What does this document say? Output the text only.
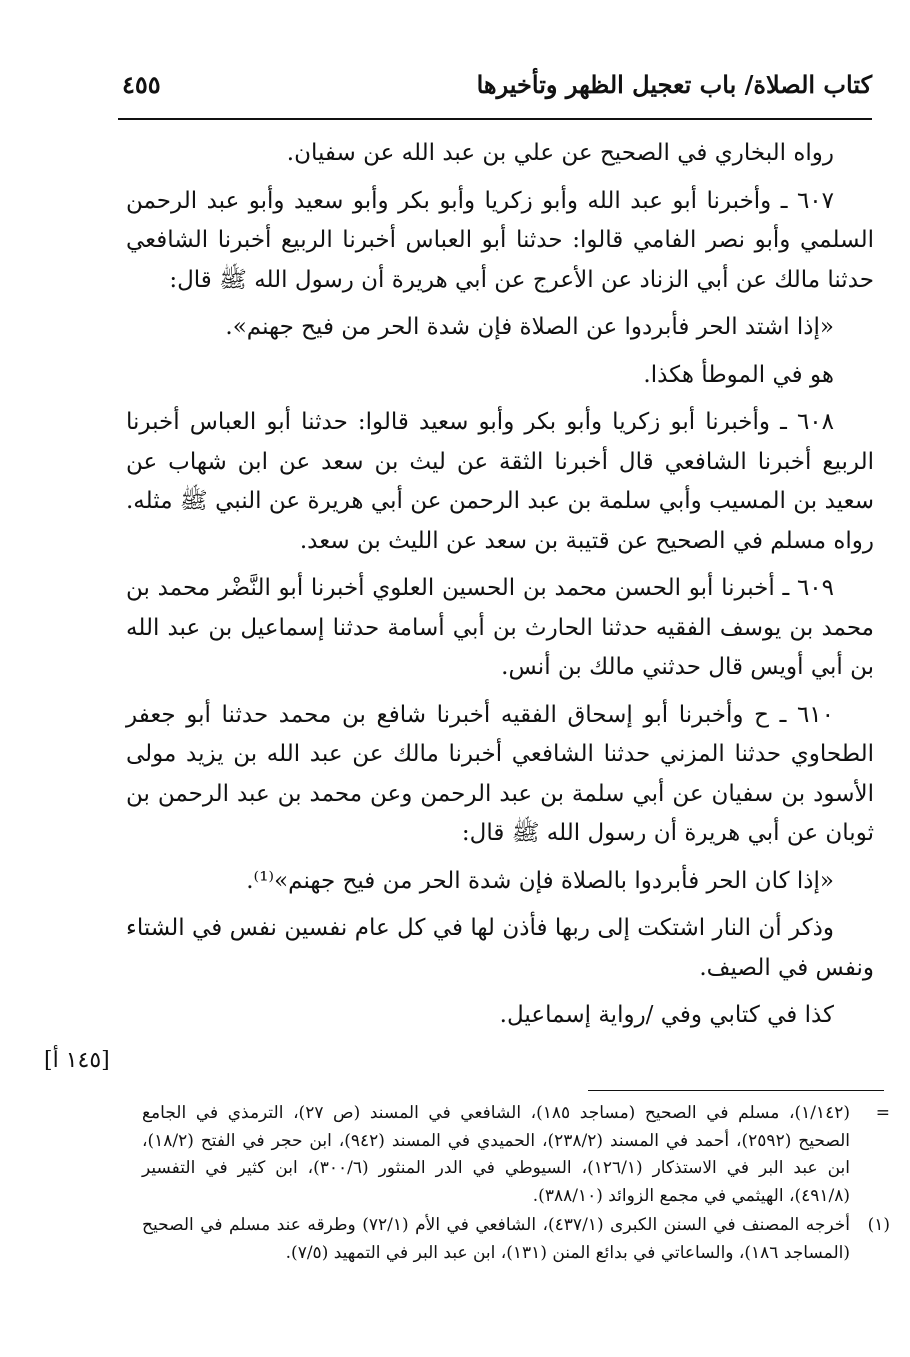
كتاب الصلاة/ باب تعجيل الظهر وتأخيرها
٤٥٥

رواه البخاري في الصحيح عن علي بن عبد الله عن سفيان.

٦٠٧ ـ وأخبرنا أبو عبد الله وأبو زكريا وأبو بكر وأبو سعيد وأبو عبد الرحمن السلمي وأبو نصر الفامي قالوا: حدثنا أبو العباس أخبرنا الربيع أخبرنا الشافعي حدثنا مالك عن أبي الزناد عن الأعرج عن أبي هريرة أن رسول الله ﷺ قال:

«إذا اشتد الحر فأبردوا عن الصلاة فإن شدة الحر من فيح جهنم».

هو في الموطأ هكذا.

٦٠٨ ـ وأخبرنا أبو زكريا وأبو بكر وأبو سعيد قالوا: حدثنا أبو العباس أخبرنا الربيع أخبرنا الشافعي قال أخبرنا الثقة عن ليث بن سعد عن ابن شهاب عن سعيد بن المسيب وأبي سلمة بن عبد الرحمن عن أبي هريرة عن النبي ﷺ مثله. رواه مسلم في الصحيح عن قتيبة بن سعد عن الليث بن سعد.

٦٠٩ ـ أخبرنا أبو الحسن محمد بن الحسين العلوي أخبرنا أبو النَّضْر محمد بن محمد بن يوسف الفقيه حدثنا الحارث بن أبي أسامة حدثنا إسماعيل بن عبد الله بن أبي أويس قال حدثني مالك بن أنس.

٦١٠ ـ ح وأخبرنا أبو إسحاق الفقيه أخبرنا شافع بن محمد حدثنا أبو جعفر الطحاوي حدثنا المزني حدثنا الشافعي أخبرنا مالك عن عبد الله بن يزيد مولى الأسود بن سفيان عن أبي سلمة بن عبد الرحمن وعن محمد بن عبد الرحمن بن ثوبان عن أبي هريرة أن رسول الله ﷺ قال:

«إذا كان الحر فأبردوا بالصلاة فإن شدة الحر من فيح جهنم»⁽¹⁾.

وذكر أن النار اشتكت إلى ربها فأذن لها في كل عام نفسين نفس في الشتاء ونفس في الصيف.

كذا في كتابي وفي /رواية إسماعيل.

[١٤٥ أ]
=
(١/١٤٢)، مسلم في الصحيح (مساجد ١٨٥)، الشافعي في المسند (ص ٢٧)، الترمذي في الجامع الصحيح (٢٥٩٢)، أحمد في المسند (٢٣٨/٢)، الحميدي في المسند (٩٤٢)، ابن حجر في الفتح (١٨/٢)، ابن عبد البر في الاستذكار (١٢٦/١)، السيوطي في الدر المنثور (٣٠٠/٦)، ابن كثير في التفسير (٤٩١/٨)، الهيثمي في مجمع الزوائد (٣٨٨/١٠).
(١)
أخرجه المصنف في السنن الكبرى (٤٣٧/١)، الشافعي في الأم (٧٢/١) وطرقه عند مسلم في الصحيح (المساجد ١٨٦)، والساعاتي في بدائع المنن (١٣١)، ابن عبد البر في التمهيد (٧/٥).
